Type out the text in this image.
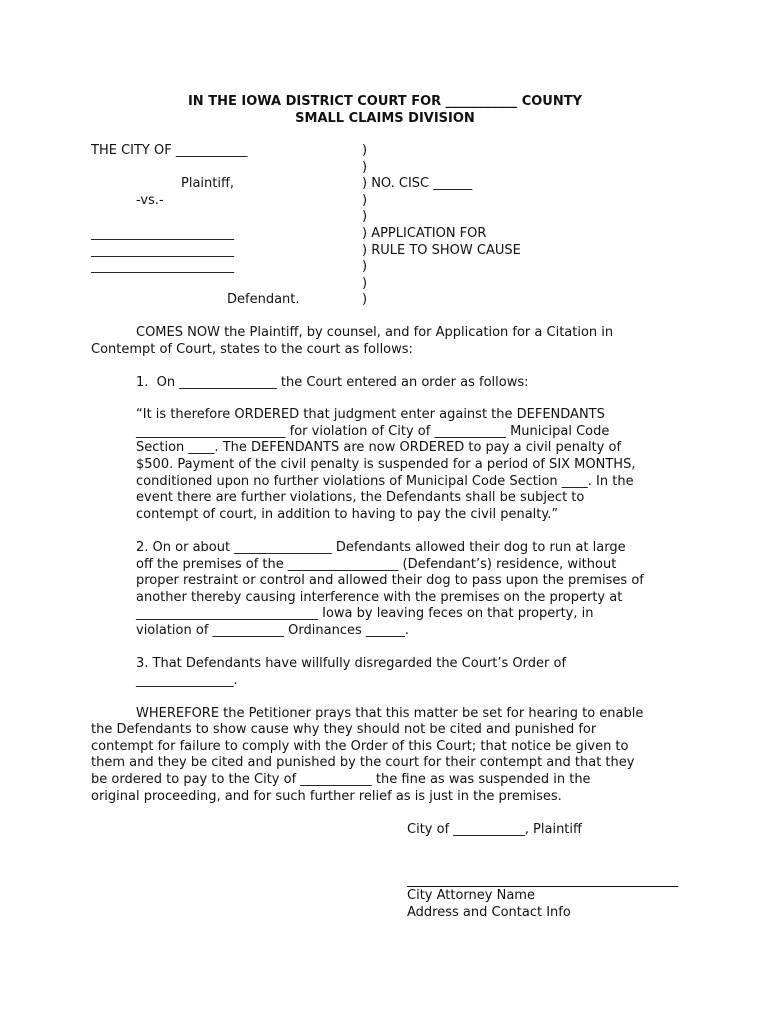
IN THE IOWA DISTRICT COURT FOR ___________ COUNTY
SMALL CLAIMS DIVISION
THE CITY OF ___________
Plaintiff,
-vs.-
______________________
______________________
______________________
Defendant.
)
)
) NO. CISC ______
)
)
) APPLICATION FOR
) RULE TO SHOW CAUSE
)
)
)
COMES NOW the Plaintiff, by counsel, and for Application for a Citation in
Contempt of Court, states to the court as follows:
1.  On _______________ the Court entered an order as follows:
“It is therefore ORDERED that judgment enter against the DEFENDANTS
_______________________ for violation of City of ___________ Municipal Code
Section ____. The DEFENDANTS are now ORDERED to pay a civil penalty of
$500. Payment of the civil penalty is suspended for a period of SIX MONTHS,
conditioned upon no further violations of Municipal Code Section ____. In the
event there are further violations, the Defendants shall be subject to
contempt of court, in addition to having to pay the civil penalty.”
2. On or about _______________ Defendants allowed their dog to run at large
off the premises of the _________________ (Defendant’s) residence, without
proper restraint or control and allowed their dog to pass upon the premises of
another thereby causing interference with the premises on the property at
____________________________ Iowa by leaving feces on that property, in
violation of ___________ Ordinances ______.
3. That Defendants have willfully disregarded the Court’s Order of
_______________.
WHEREFORE the Petitioner prays that this matter be set for hearing to enable
the Defendants to show cause why they should not be cited and punished for
contempt for failure to comply with the Order of this Court; that notice be given to
them and they be cited and punished by the court for their contempt and that they
be ordered to pay to the City of ___________ the fine as was suspended in the
original proceeding, and for such further relief as is just in the premises.
City of ___________, Plaintiff
City Attorney Name
Address and Contact Info
